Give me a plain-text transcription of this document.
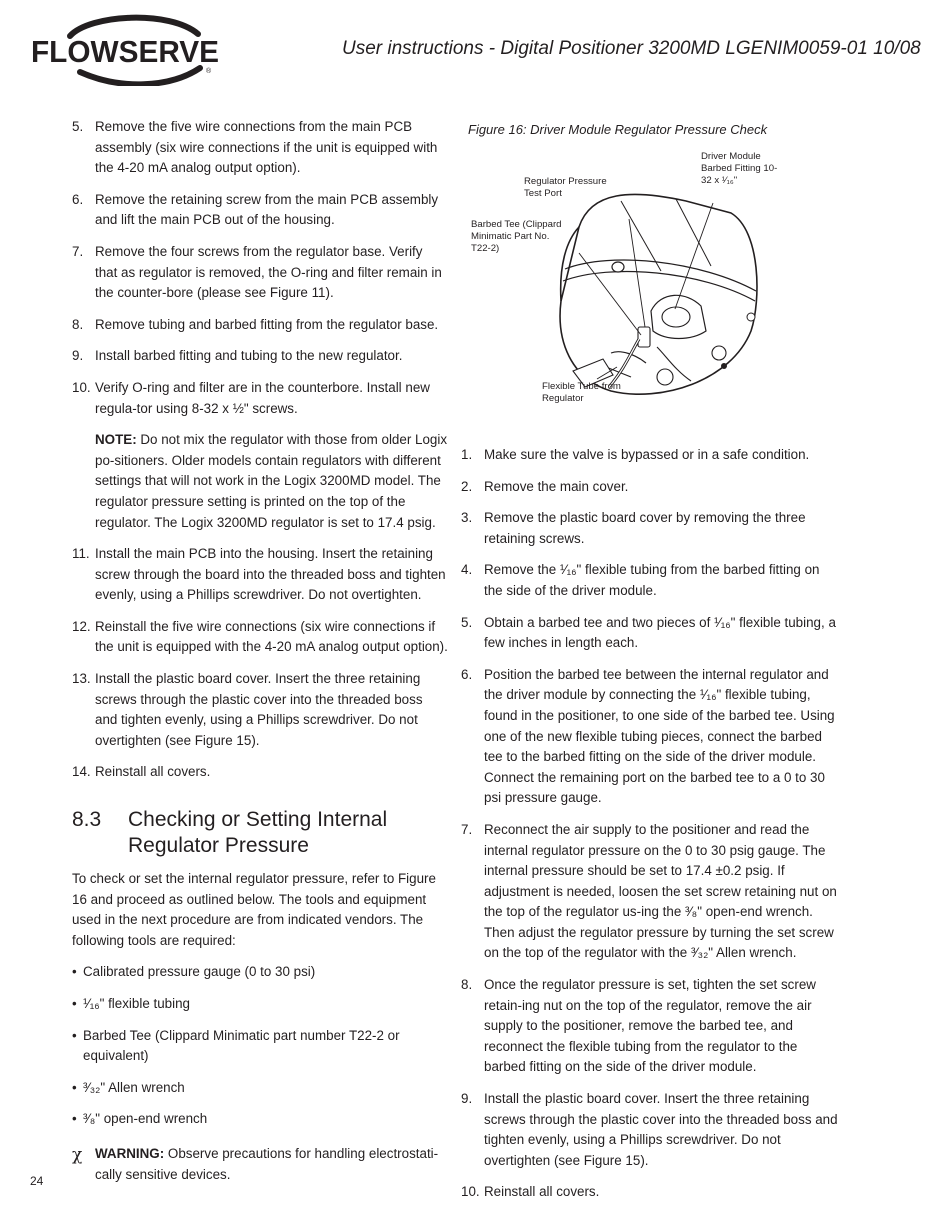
FLOWSERVE
®
User instructions - Digital Positioner 3200MD LGENIM0059-01 10/08
5. Remove the five wire connections from the main PCB assembly (six wire connections if the unit is equipped with the 4-20 mA analog output option).
6. Remove the retaining screw from the main PCB assembly and lift the main PCB out of the housing.
7. Remove the four screws from the regulator base. Verify that as regulator is removed, the O-ring and filter remain in the counter-bore (please see Figure 11).
8. Remove tubing and barbed fitting from the regulator base.
9. Install barbed fitting and tubing to the new regulator.
10. Verify O-ring and filter are in the counterbore. Install new regula-tor using 8-32 x ½" screws.
NOTE: Do not mix the regulator with those from older Logix po-sitioners. Older models contain regulators with different settings that will not work in the Logix 3200MD model. The regulator pressure setting is printed on the top of the regulator. The Logix 3200MD regulator is set to 17.4 psig.
11. Install the main PCB into the housing. Insert the retaining screw through the board into the threaded boss and tighten evenly, using a Phillips screwdriver. Do not overtighten.
12. Reinstall the five wire connections (six wire connections if the unit is equipped with the 4-20 mA analog output option).
13. Install the plastic board cover. Insert the three retaining screws through the plastic cover into the threaded boss and tighten evenly, using a Phillips screwdriver. Do not overtighten (see Figure 15).
14. Reinstall all covers.
8.3 Checking or Setting Internal Regulator Pressure
To check or set the internal regulator pressure, refer to Figure 16 and proceed as outlined below. The tools and equipment used in the next procedure are from indicated vendors. The following tools are required:
• Calibrated pressure gauge (0 to 30 psi)
• ¹⁄₁₆" flexible tubing
• Barbed Tee (Clippard Minimatic part number T22-2 or equivalent)
• ³⁄₃₂" Allen wrench
• ³⁄₈" open-end wrench
χ WARNING: Observe precautions for handling electrostati-cally sensitive devices.
Figure 16: Driver Module Regulator Pressure Check
Driver Module Barbed Fitting 10-32 x ¹⁄₁₆"
Regulator Pressure Test Port
Barbed Tee (Clippard Minimatic Part No. T22-2)
Flexible Tube from Regulator
1. Make sure the valve is bypassed or in a safe condition.
2. Remove the main cover.
3. Remove the plastic board cover by removing the three retaining screws.
4. Remove the ¹⁄₁₆" flexible tubing from the barbed fitting on the side of the driver module.
5. Obtain a barbed tee and two pieces of ¹⁄₁₆" flexible tubing, a few inches in length each.
6. Position the barbed tee between the internal regulator and the driver module by connecting the ¹⁄₁₆" flexible tubing, found in the positioner, to one side of the barbed tee. Using one of the new flexible tubing pieces, connect the barbed tee to the barbed fitting on the side of the driver module. Connect the remaining port on the barbed tee to a 0 to 30 psi pressure gauge.
7. Reconnect the air supply to the positioner and read the internal regulator pressure on the 0 to 30 psig gauge. The internal pressure should be set to 17.4 ±0.2 psig. If adjustment is needed, loosen the set screw retaining nut on the top of the regulator us-ing the ³⁄₈" open-end wrench. Then adjust the regulator pressure by turning the set screw on the top of the regulator with the ³⁄₃₂" Allen wrench.
8. Once the regulator pressure is set, tighten the set screw retain-ing nut on the top of the regulator, remove the air supply to the positioner, remove the barbed tee, and reconnect the flexible tubing from the regulator to the barbed fitting on the side of the driver module.
9. Install the plastic board cover. Insert the three retaining screws through the plastic cover into the threaded boss and tighten evenly, using a Phillips screwdriver. Do not overtighten (see Figure 15).
10. Reinstall all covers.
24
